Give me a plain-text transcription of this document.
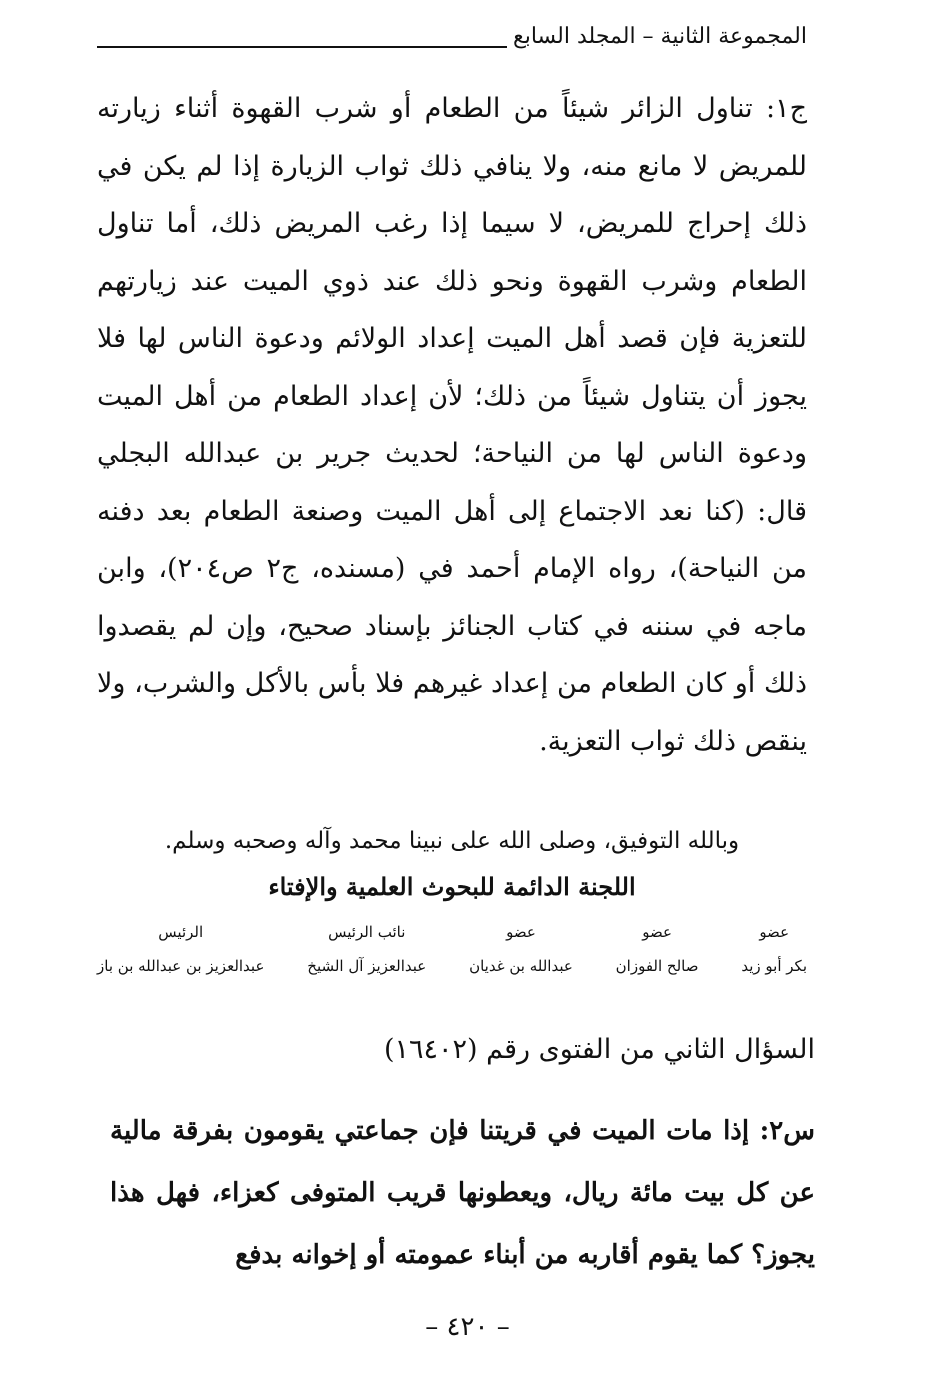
المجموعة الثانية – المجلد السابع

ج١: تناول الزائر شيئاً من الطعام أو شرب القهوة أثناء زيارته للمريض لا مانع منه، ولا ينافي ذلك ثواب الزيارة إذا لم يكن في ذلك إحراج للمريض، لا سيما إذا رغب المريض ذلك، أما تناول الطعام وشرب القهوة ونحو ذلك عند ذوي الميت عند زيارتهم للتعزية فإن قصد أهل الميت إعداد الولائم ودعوة الناس لها فلا يجوز أن يتناول شيئاً من ذلك؛ لأن إعداد الطعام من أهل الميت ودعوة الناس لها من النياحة؛ لحديث جرير بن عبدالله البجلي قال: (كنا نعد الاجتماع إلى أهل الميت وصنعة الطعام بعد دفنه من النياحة)، رواه الإمام أحمد في (مسنده، ج٢ ص٢٠٤)، وابن ماجه في سننه في كتاب الجنائز بإسناد صحيح، وإن لم يقصدوا ذلك أو كان الطعام من إعداد غيرهم فلا بأس بالأكل والشرب، ولا ينقص ذلك ثواب التعزية.

وبالله التوفيق، وصلى الله على نبينا محمد وآله وصحبه وسلم.
اللجنة الدائمة للبحوث العلمية والإفتاء
عضو
بكر أبو زيد
عضو
صالح الفوزان
عضو
عبدالله بن غديان
نائب الرئيس
عبدالعزيز آل الشيخ
الرئيس
عبدالعزيز بن عبدالله بن باز
السؤال الثاني من الفتوى رقم (١٦٤٠٢)
س٢: إذا مات الميت في قريتنا فإن جماعتي يقومون بفرقة مالية عن كل بيت مائة ريال، ويعطونها قريب المتوفى كعزاء، فهل هذا يجوز؟ كما يقوم أقاربه من أبناء عمومته أو إخوانه بدفع
– ٤٢٠ –
